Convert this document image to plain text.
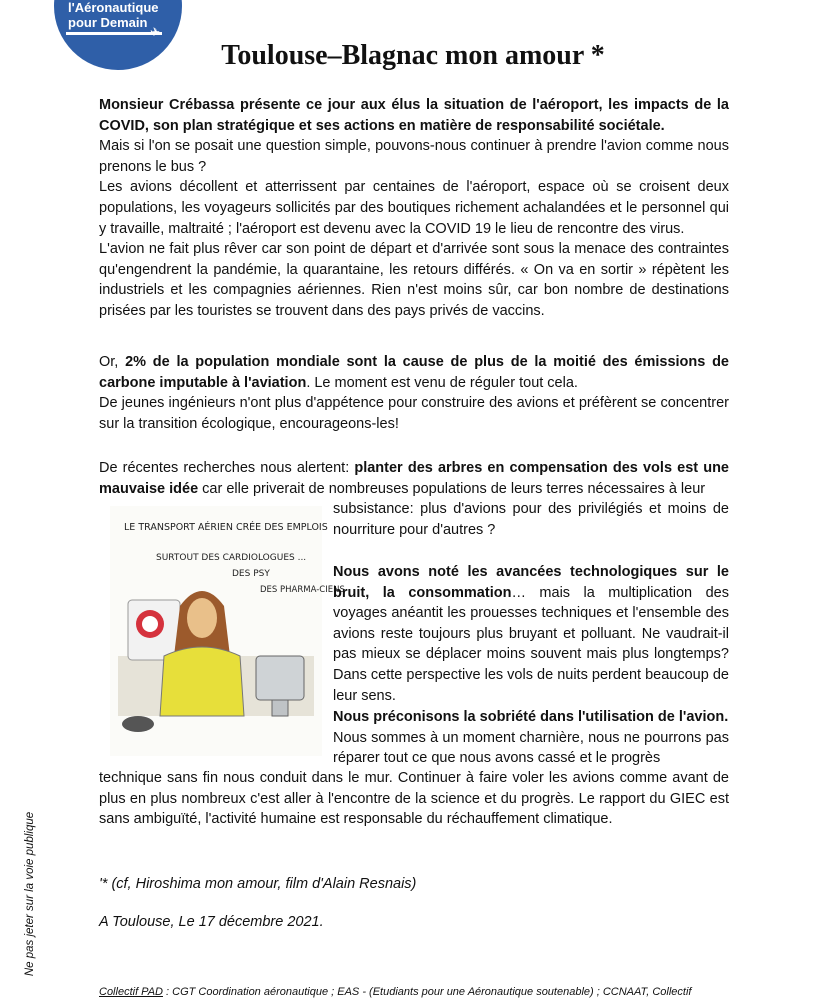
l'Aéronautique
pour Demain
✈
Toulouse–Blagnac mon amour *

Monsieur Crébassa présente ce jour aux élus la situation de l'aéroport, les impacts de la COVID, son plan stratégique et ses actions en matière de responsabilité sociétale.
Mais si l'on se posait une question simple, pouvons-nous continuer à prendre l'avion comme nous prenons le bus ?
Les avions décollent et atterrissent par centaines de l'aéroport, espace où se croisent deux populations, les voyageurs sollicités par des boutiques richement achalandées et le personnel qui y travaille, maltraité ; l'aéroport est devenu avec la COVID 19 le lieu de rencontre des virus.
L'avion ne fait plus rêver car son point de départ et d'arrivée sont sous la menace des contraintes qu'engendrent la pandémie, la quarantaine, les retours différés. « On va en sortir » répètent les industriels et les compagnies aériennes. Rien n'est moins sûr, car bon nombre de destinations prisées par les touristes se trouvent dans des pays privés de vaccins.

Or, 2% de la population mondiale sont la cause de plus de la moitié des émissions de carbone imputable à l'aviation. Le moment est venu de réguler tout cela.
De jeunes ingénieurs n'ont plus d'appétence pour construire des avions et préfèrent se concentrer sur la transition écologique, encourageons-les!

De récentes recherches nous alertent: planter des arbres en compensation des vols est une mauvaise idée car elle priverait de nombreuses populations de leurs terres nécessaires à leur

subsistance: plus d'avions pour des privilégiés et moins de nourriture pour d'autres ?

LE TRANSPORT AÉRIEN CRÉE DES EMPLOIS
SURTOUT DES CARDIOLOGUES ...
DES PSY
DES PHARMA-CIENS

Nous avons noté les avancées technologiques sur le bruit, la consommation… mais la multiplication des voyages anéantit les prouesses techniques et l'ensemble des avions reste toujours plus bruyant et polluant. Ne vaudrait-il pas mieux se déplacer moins souvent mais plus longtemps? Dans cette perspective les vols de nuits perdent beaucoup de leur sens.

Nous préconisons la sobriété dans l'utilisation de l'avion.
Nous sommes à un moment charnière, nous ne pourrons pas réparer tout ce que nous avons cassé et le progrès

technique sans fin nous conduit dans le mur. Continuer à faire voler les avions comme avant de plus en plus nombreux c'est aller à l'encontre de la science et du progrès. Le rapport du GIEC est sans ambiguïté, l'activité humaine est responsable du réchauffement climatique.

'* (cf, Hiroshima mon amour, film d'Alain Resnais)
A Toulouse, Le 17 décembre 2021.
Ne pas jeter sur la voie publique
Collectif PAD : CGT Coordination aéronautique ; EAS - (Etudiants pour une Aéronautique soutenable) ; CCNAAT, Collectif
